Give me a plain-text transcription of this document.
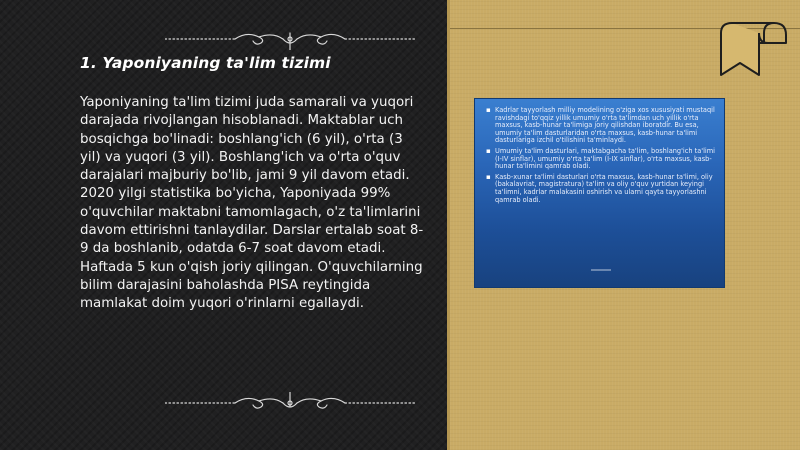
1. Yaponiyaning ta'lim tizimi
Yaponiyaning ta'lim tizimi juda samarali va yuqori darajada rivojlangan hisoblanadi. Maktablar uch bosqichga bo'linadi: boshlang'ich (6 yil), o'rta (3 yil) va yuqori (3 yil). Boshlang'ich va o'rta o'quv darajalari majburiy bo'lib, jami 9 yil davom etadi. 2020 yilgi statistika bo'yicha, Yaponiyada 99% o'quvchilar maktabni tamomlagach, o'z ta'limlarini davom ettirishni tanlaydilar. Darslar ertalab soat 8-9 da boshlanib, odatda 6-7 soat davom etadi. Haftada 5 kun o'qish joriy qilingan. O'quvchilarning bilim darajasini baholashda PISA reytingida mamlakat doim yuqori o'rinlarni egallaydi.
▪ Kadrlar tayyorlash milliy modelining o'ziga xos xususiyati mustaqil ravishdagi to'qqiz yillik umumiy o'rta ta'limdan uch yillik o'rta maxsus, kasb-hunar ta'limiga joriy qilishdan iboratdir. Bu esa, umumiy ta'lim dasturlaridan o'rta maxsus, kasb-hunar ta'limi dasturlariga izchil o'tilishini ta'minlaydi.
▪ Umumiy ta'lim dasturlari, maktabgacha ta'lim, boshlang'ich ta'limi (I-IV sinflar), umumiy o'rta ta'lim (I-IX sinflar), o'rta maxsus, kasb-hunar ta'limini qamrab oladi.
▪ Kasb-xunar ta'limi dasturlari o'rta maxsus, kasb-hunar ta'limi, oliy (bakalavriat, magistratura) ta'lim va oliy o'quv yurtidan keyingi ta'limni, kadrlar malakasini oshirish va ularni qayta tayyorlashni qamrab oladi.
